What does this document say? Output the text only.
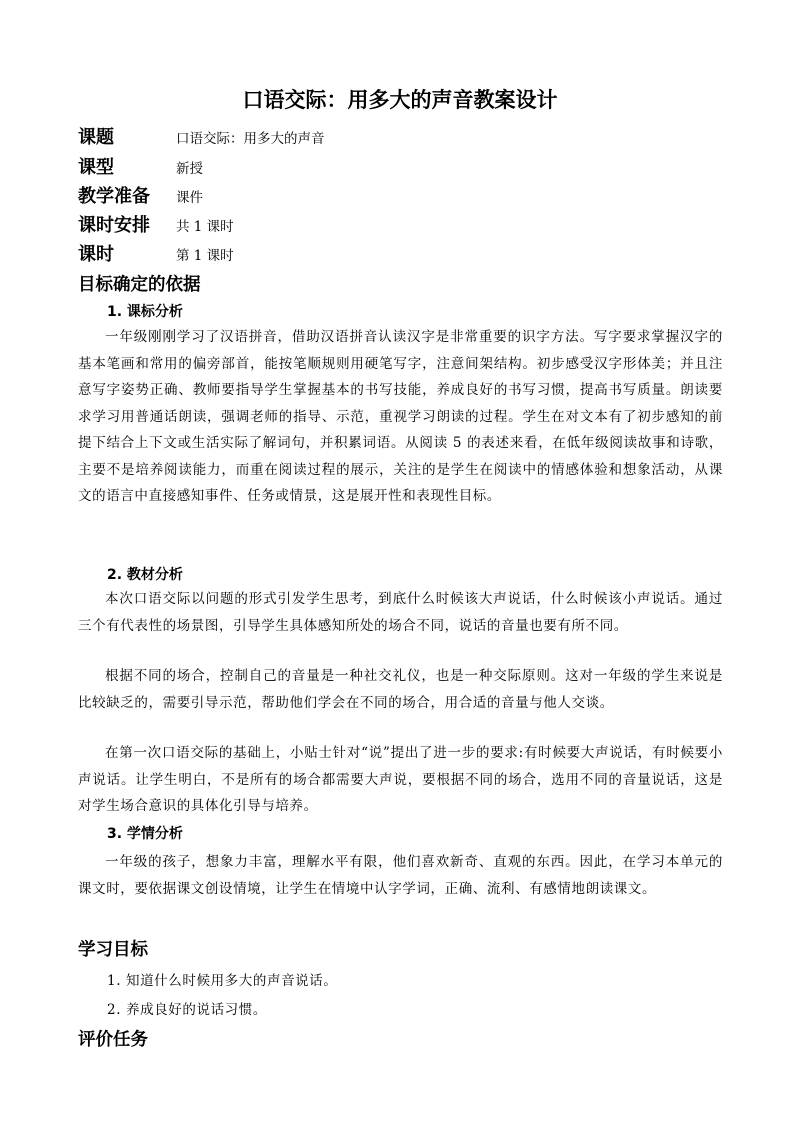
口语交际：用多大的声音教案设计
课题	口语交际：用多大的声音
课型	新授
教学准备	课件
课时安排	共 1 课时
课时	第 1 课时
目标确定的依据
1. 课标分析

一年级刚刚学习了汉语拼音，借助汉语拼音认读汉字是非常重要的识字方法。写字要求掌握汉字的基本笔画和常用的偏旁部首，能按笔顺规则用硬笔写字，注意间架结构。初步感受汉字形体美；并且注意写字姿势正确、教师要指导学生掌握基本的书写技能，养成良好的书写习惯，提高书写质量。朗读要求学习用普通话朗读，强调老师的指导、示范，重视学习朗读的过程。学生在对文本有了初步感知的前提下结合上下文或生活实际了解词句，并积累词语。从阅读 5 的表述来看，在低年级阅读故事和诗歌，主要不是培养阅读能力，而重在阅读过程的展示，关注的是学生在阅读中的情感体验和想象活动，从课文的语言中直接感知事件、任务或情景，这是展开性和表现性目标。

2. 教材分析

本次口语交际以问题的形式引发学生思考，到底什么时候该大声说话，什么时候该小声说话。通过三个有代表性的场景图，引导学生具体感知所处的场合不同，说话的音量也要有所不同。

根据不同的场合，控制自己的音量是一种社交礼仪，也是一种交际原则。这对一年级的学生来说是比较缺乏的，需要引导示范，帮助他们学会在不同的场合，用合适的音量与他人交谈。

在第一次口语交际的基础上，小贴士针对“说”提出了进一步的要求:有时候要大声说话，有时候要小声说话。让学生明白，不是所有的场合都需要大声说，要根据不同的场合，选用不同的音量说话，这是对学生场合意识的具体化引导与培养。

3. 学情分析

一年级的孩子，想象力丰富，理解水平有限，他们喜欢新奇、直观的东西。因此，在学习本单元的课文时，要依据课文创设情境，让学生在情境中认字学词，正确、流利、有感情地朗读课文。

学习目标

1. 知道什么时候用多大的声音说话。

2. 养成良好的说话习惯。

评价任务
